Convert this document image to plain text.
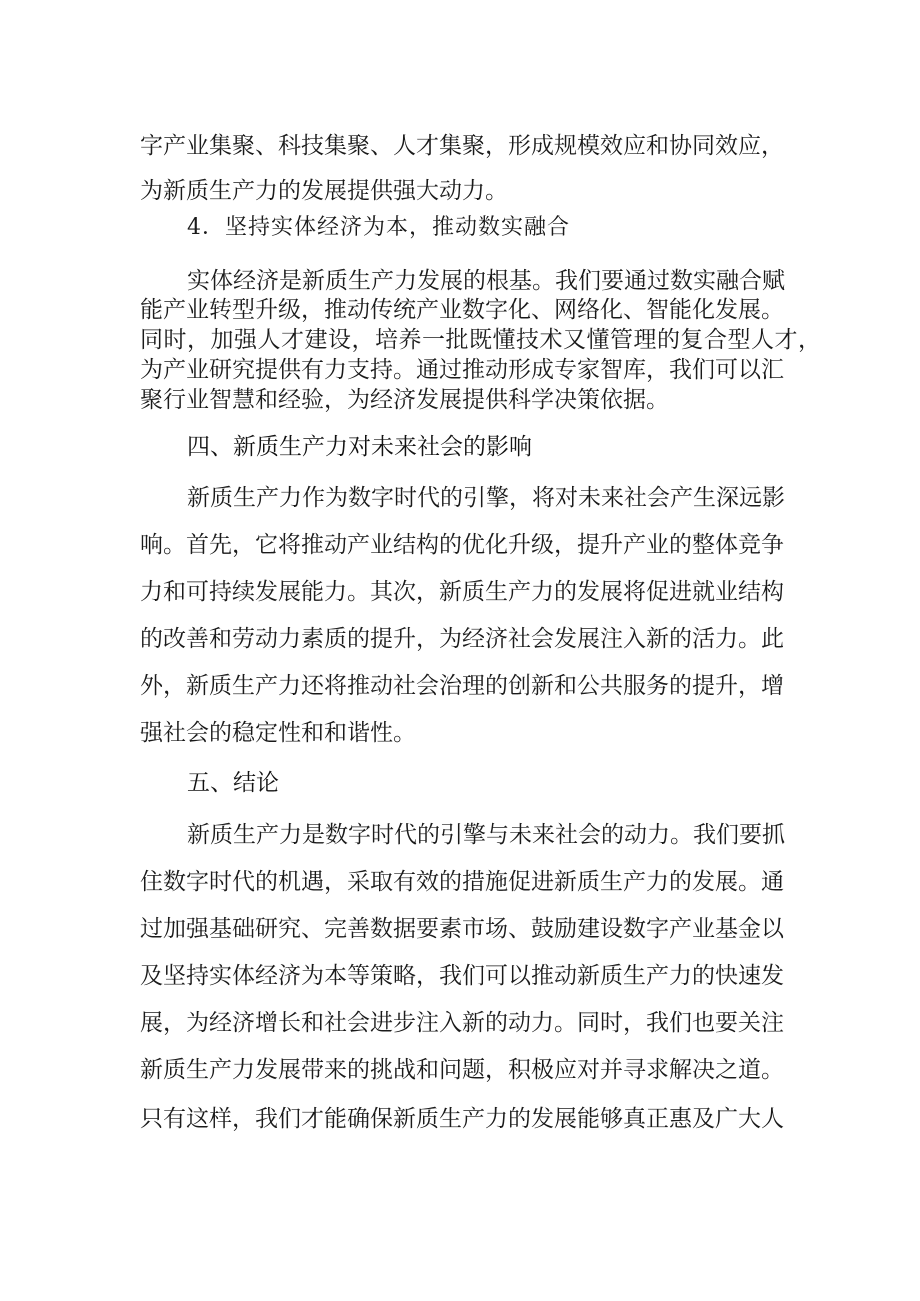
字产业集聚、科技集聚、人才集聚，形成规模效应和协同效应，
为新质生产力的发展提供强大动力。
4．坚持实体经济为本，推动数实融合
实体经济是新质生产力发展的根基。我们要通过数实融合赋
能产业转型升级，推动传统产业数字化、网络化、智能化发展。
同时，加强人才建设，培养一批既懂技术又懂管理的复合型人才，
为产业研究提供有力支持。通过推动形成专家智库，我们可以汇
聚行业智慧和经验，为经济发展提供科学决策依据。
四、新质生产力对未来社会的影响
新质生产力作为数字时代的引擎，将对未来社会产生深远影
响。首先，它将推动产业结构的优化升级，提升产业的整体竞争
力和可持续发展能力。其次，新质生产力的发展将促进就业结构
的改善和劳动力素质的提升，为经济社会发展注入新的活力。此
外，新质生产力还将推动社会治理的创新和公共服务的提升，增
强社会的稳定性和和谐性。
五、结论
新质生产力是数字时代的引擎与未来社会的动力。我们要抓
住数字时代的机遇，采取有效的措施促进新质生产力的发展。通
过加强基础研究、完善数据要素市场、鼓励建设数字产业基金以
及坚持实体经济为本等策略，我们可以推动新质生产力的快速发
展，为经济增长和社会进步注入新的动力。同时，我们也要关注
新质生产力发展带来的挑战和问题，积极应对并寻求解决之道。
只有这样，我们才能确保新质生产力的发展能够真正惠及广大人
